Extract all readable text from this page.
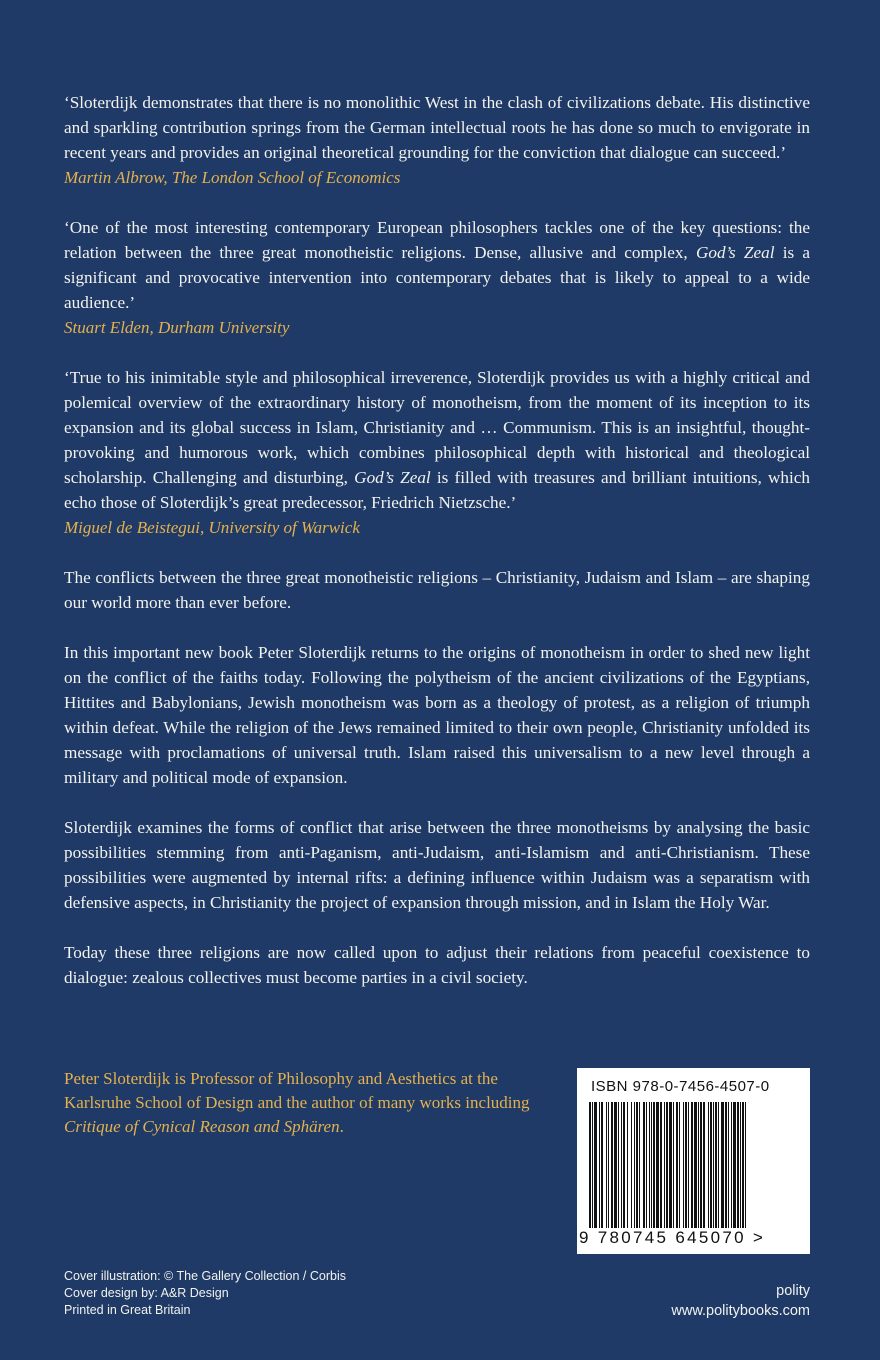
‘Sloterdijk demonstrates that there is no monolithic West in the clash of civilizations debate. His distinctive and sparkling contribution springs from the German intellectual roots he has done so much to envigorate in recent years and provides an original theoretical grounding for the conviction that dialogue can succeed.’

Martin Albrow, The London School of Economics

‘One of the most interesting contemporary European philosophers tackles one of the key questions: the relation between the three great monotheistic religions. Dense, allusive and complex, God’s Zeal is a significant and provocative intervention into contemporary debates that is likely to appeal to a wide audience.’

Stuart Elden, Durham University

‘True to his inimitable style and philosophical irreverence, Sloterdijk provides us with a highly critical and polemical overview of the extraordinary history of monotheism, from the moment of its inception to its expansion and its global success in Islam, Christianity and … Communism. This is an insightful, thought-provoking and humorous work, which combines philosophical depth with historical and theological scholarship. Challenging and disturbing, God’s Zeal is filled with treasures and brilliant intuitions, which echo those of Sloterdijk’s great predecessor, Friedrich Nietzsche.’

Miguel de Beistegui, University of Warwick

The conflicts between the three great monotheistic religions – Christianity, Judaism and Islam – are shaping our world more than ever before.

In this important new book Peter Sloterdijk returns to the origins of monotheism in order to shed new light on the conflict of the faiths today. Following the polytheism of the ancient civilizations of the Egyptians, Hittites and Babylonians, Jewish monotheism was born as a theology of protest, as a religion of triumph within defeat. While the religion of the Jews remained limited to their own people, Christianity unfolded its message with proclamations of universal truth. Islam raised this universalism to a new level through a military and political mode of expansion.

Sloterdijk examines the forms of conflict that arise between the three monotheisms by analysing the basic possibilities stemming from anti-Paganism, anti-Judaism, anti-Islamism and anti-Christianism. These possibilities were augmented by internal rifts: a defining influence within Judaism was a separatism with defensive aspects, in Christianity the project of expansion through mission, and in Islam the Holy War.

Today these three religions are now called upon to adjust their relations from peaceful coexistence to dialogue: zealous collectives must become parties in a civil society.

Peter Sloterdijk is Professor of Philosophy and Aesthetics at the Karlsruhe School of Design and the author of many works including Critique of Cynical Reason and Sphären.
ISBN 978-0-7456-4507-0
9 780745 645070 >
Cover illustration: © The Gallery Collection / Corbis
Cover design by: A&R Design
Printed in Great Britain
polity
www.politybooks.com
